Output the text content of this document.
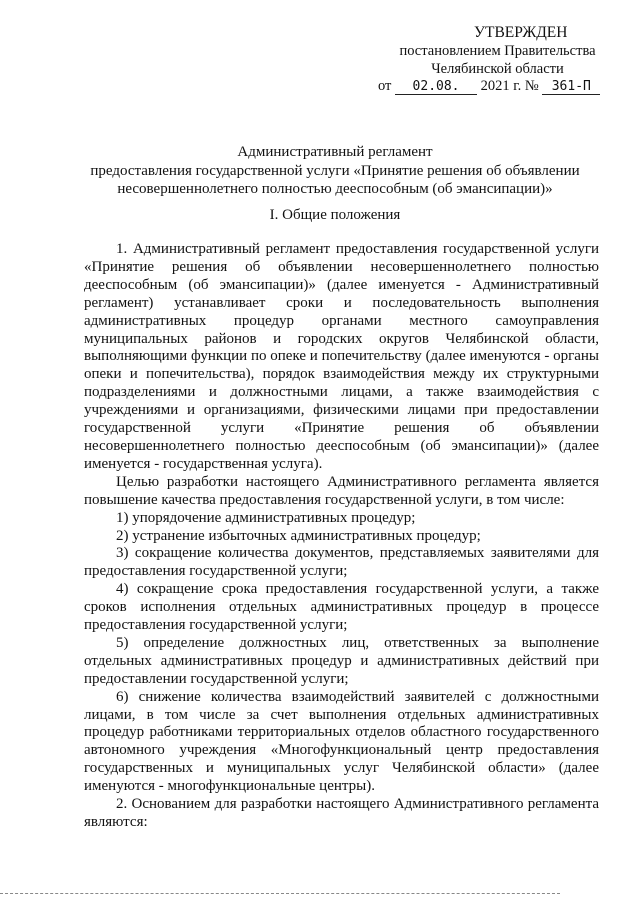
УТВЕРЖДЕН
постановлением Правительства
Челябинской области
от 02.08. 2021 г. № 361-П
Административный регламент
предоставления государственной услуги «Принятие решения об объявлении
несовершеннолетнего полностью дееспособным (об эмансипации)»
I. Общие положения

1. Административный регламент предоставления государственной услуги «Принятие решения об объявлении несовершеннолетнего полностью дееспособным (об эмансипации)» (далее именуется - Административный регламент) устанавливает сроки и последовательность выполнения административных процедур органами местного самоуправления муниципальных районов и городских округов Челябинской области, выполняющими функции по опеке и попечительству (далее именуются - органы опеки и попечительства), порядок взаимодействия между их структурными подразделениями и должностными лицами, а также взаимодействия с учреждениями и организациями, физическими лицами при предоставлении государственной услуги «Принятие решения об объявлении несовершеннолетнего полностью дееспособным (об эмансипации)» (далее именуется - государственная услуга).

Целью разработки настоящего Административного регламента является повышение качества предоставления государственной услуги, в том числе:

1) упорядочение административных процедур;

2) устранение избыточных административных процедур;

3) сокращение количества документов, представляемых заявителями для предоставления государственной услуги;

4) сокращение срока предоставления государственной услуги, а также сроков исполнения отдельных административных процедур в процессе предоставления государственной услуги;

5) определение должностных лиц, ответственных за выполнение отдельных административных процедур и административных действий при предоставлении государственной услуги;

6) снижение количества взаимодействий заявителей с должностными лицами, в том числе за счет выполнения отдельных административных процедур работниками территориальных отделов областного государственного автономного учреждения «Многофункциональный центр предоставления государственных и муниципальных услуг Челябинской области» (далее именуются - многофункциональные центры).

2. Основанием для разработки настоящего Административного регламента являются:
